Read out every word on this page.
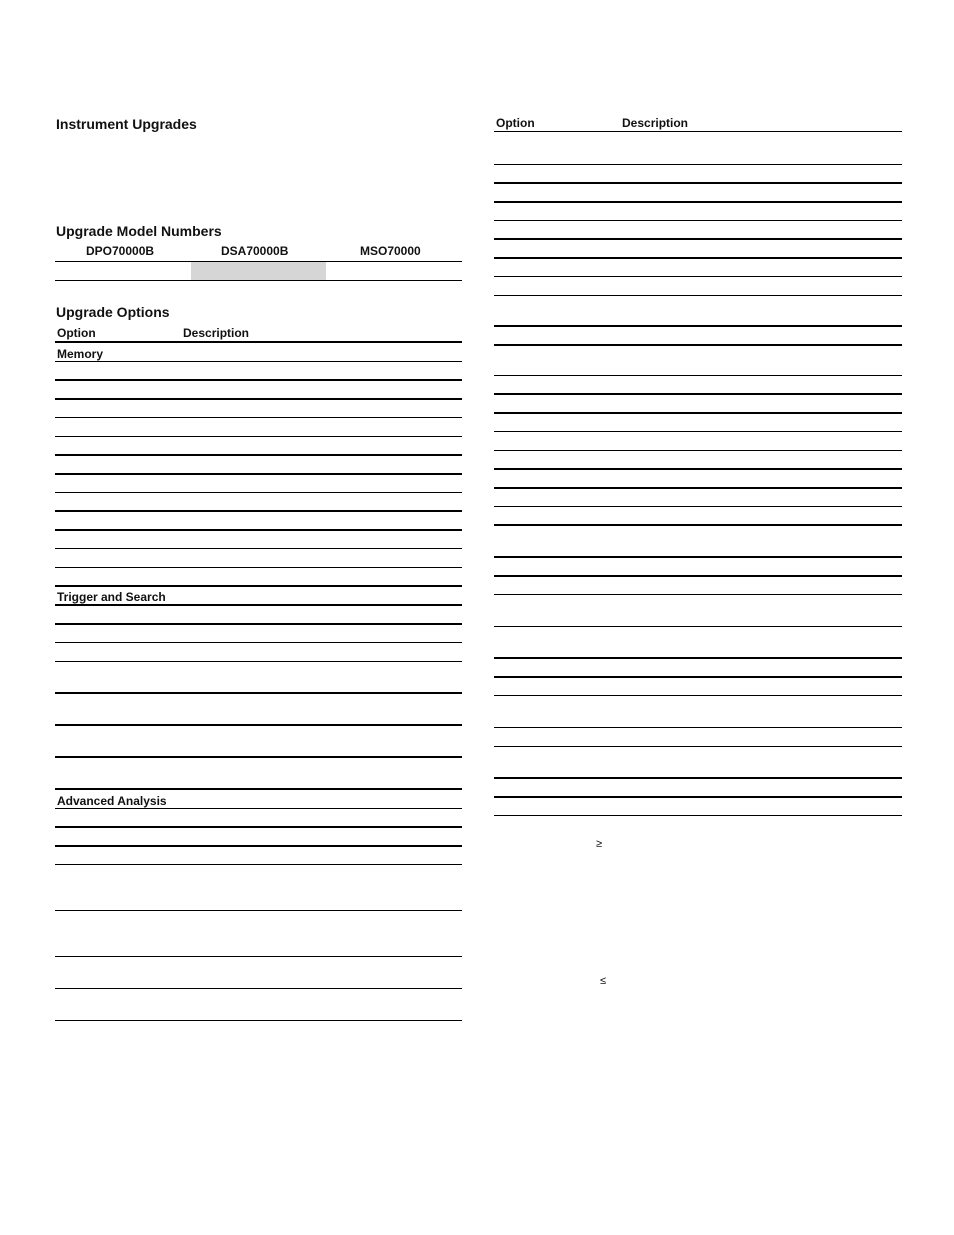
Instrument Upgrades
Upgrade Model Numbers
DPO70000B	DSA70000B	MSO70000
Upgrade Options
Option	Description
Memory
Trigger and Search
Advanced Analysis
Option	Description
≥
≤
